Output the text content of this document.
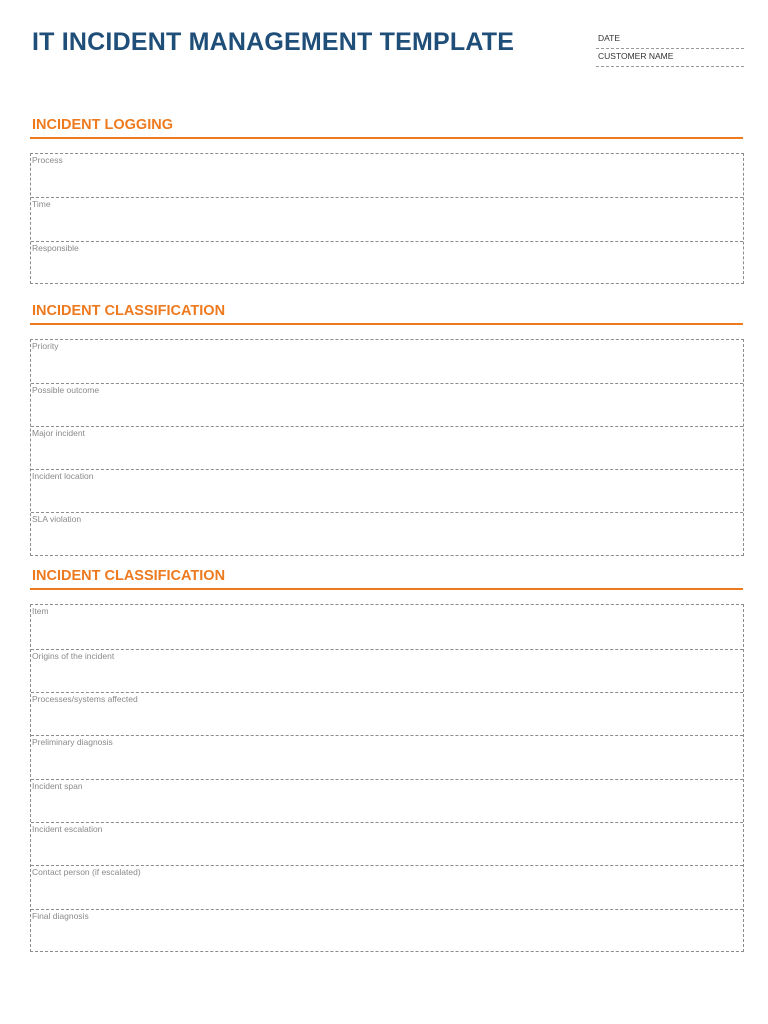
IT INCIDENT MANAGEMENT TEMPLATE	DATE
CUSTOMER NAME
INCIDENT LOGGING
Process
Time
Responsible
INCIDENT CLASSIFICATION
Priority
Possible outcome
Major incident
Incident location
SLA violation
INCIDENT CLASSIFICATION
Item
Origins of the incident
Processes/systems affected
Preliminary diagnosis
Incident span
Incident escalation
Contact person (if escalated)
Final diagnosis
